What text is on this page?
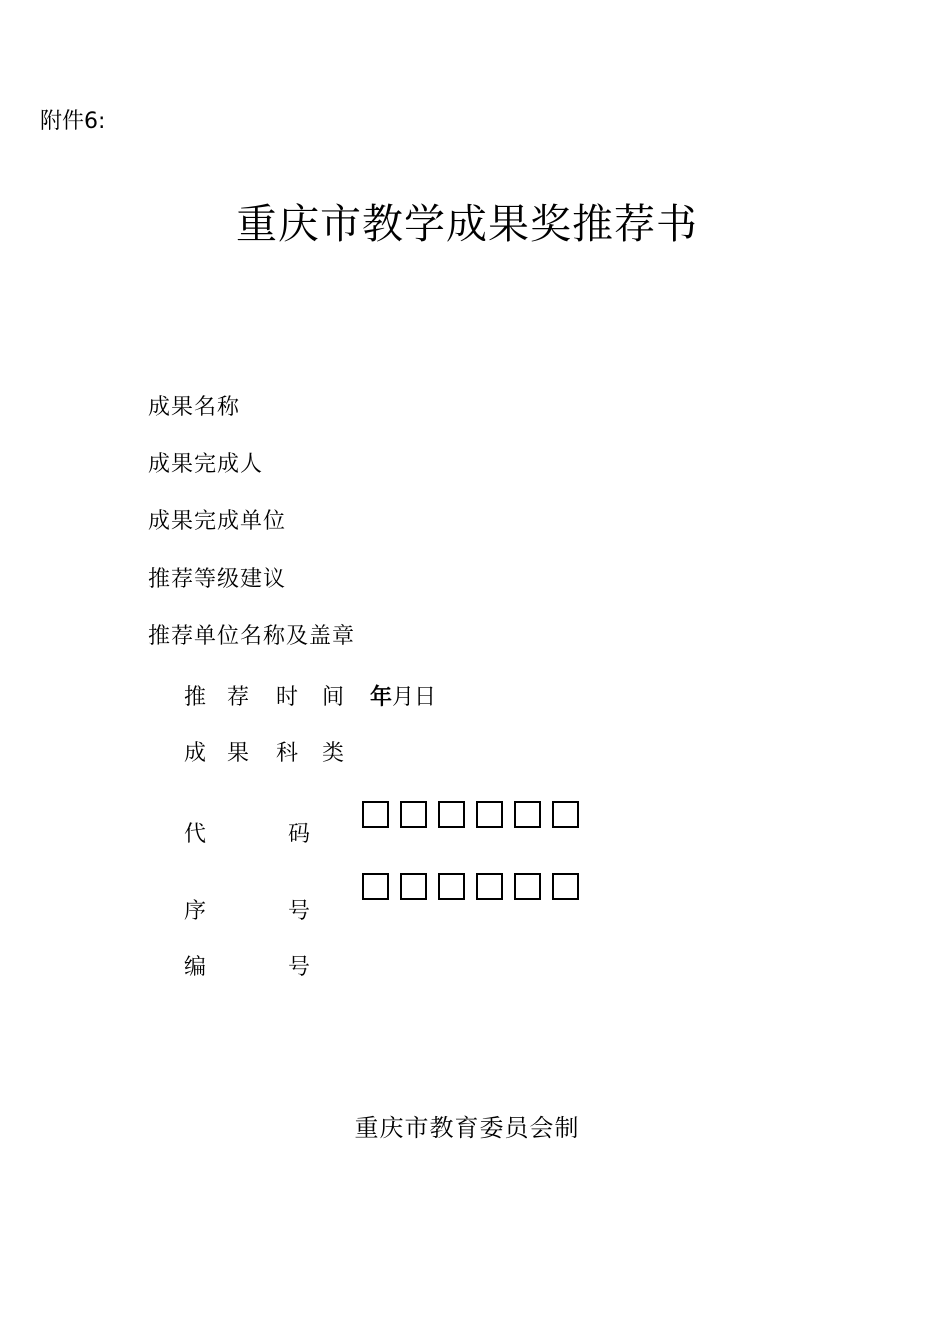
附件6:
重庆市教学成果奖推荐书
成果名称
成果完成人
成果完成单位
推荐等级建议
推荐单位名称及盖章
推 荐 时 间 年 月日
成 果 科 类
代	码
序	号
编	号
重庆市教育委员会制
